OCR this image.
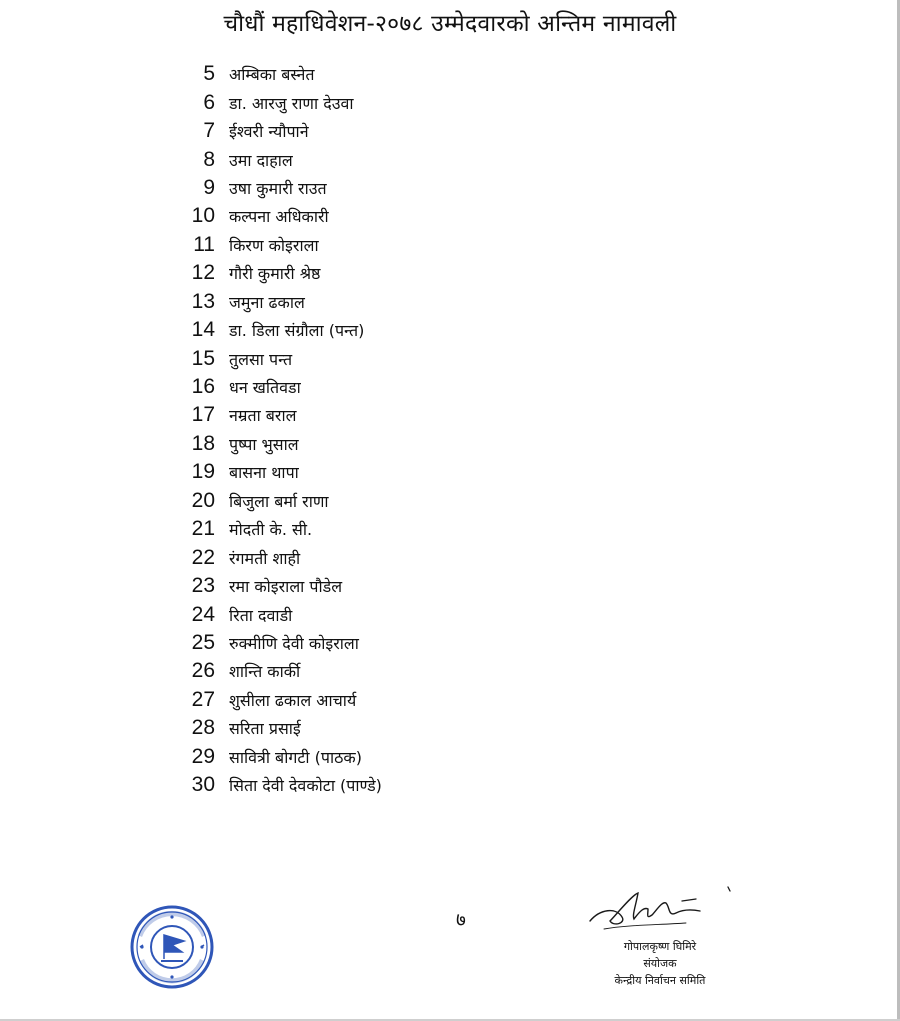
चौधौं महाधिवेशन-२०७८ उम्मेदवारको अन्तिम नामावली
5 अम्बिका बस्नेत
6 डा. आरजु राणा देउवा
7 ईश्वरी न्यौपाने
8 उमा दाहाल
9 उषा कुमारी राउत
10 कल्पना अधिकारी
11 किरण कोइराला
12 गौरी कुमारी श्रेष्ठ
13 जमुना ढकाल
14 डा. डिला संग्रौला (पन्त)
15 तुलसा पन्त
16 धन खतिवडा
17 नम्रता बराल
18 पुष्पा भुसाल
19 बासना थापा
20 बिजुला बर्मा राणा
21 मोदती के. सी.
22 रंगमती शाही
23 रमा कोइराला पौडेल
24 रिता दवाडी
25 रुक्मीणि देवी कोइराला
26 शान्ति कार्की
27 शुसीला ढकाल आचार्य
28 सरिता प्रसाई
29 सावित्री बोगटी (पाठक)
30 सिता देवी देवकोटा (पाण्डे)
७
गोपालकृष्ण घिमिरे
संयोजक
केन्द्रीय निर्वाचन समिति
